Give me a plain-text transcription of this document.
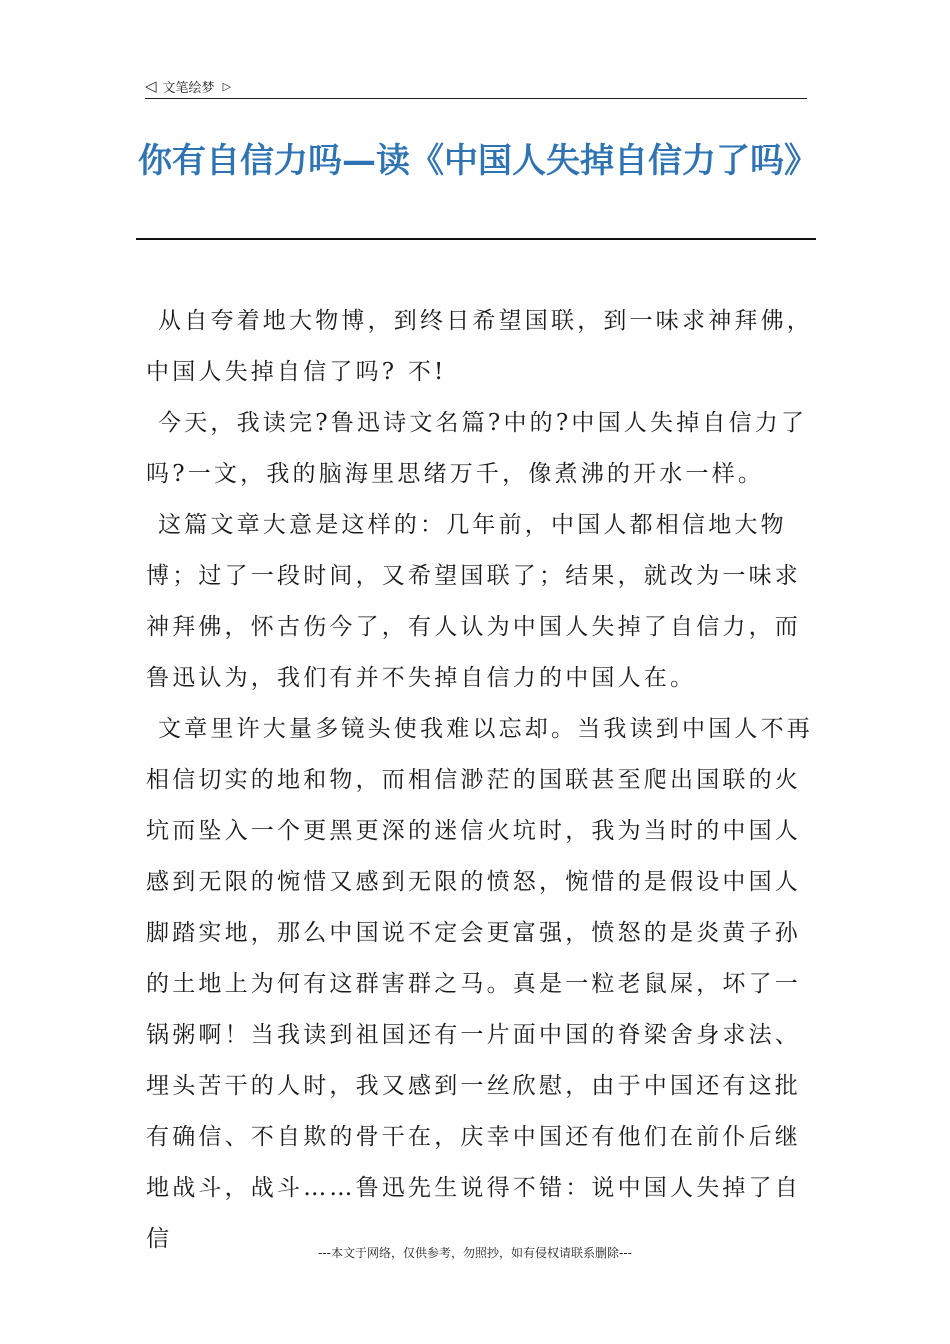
◁ 文笔绘梦 ▷
你有自信力吗—读《中国人失掉自信力了吗》

从自夸着地大物博，到终日希望国联，到一味求神拜佛，中国人失掉自信了吗? 不!

今天，我读完?鲁迅诗文名篇?中的?中国人失掉自信力了吗?一文，我的脑海里思绪万千，像煮沸的开水一样。

这篇文章大意是这样的：几年前，中国人都相信地大物博；过了一段时间，又希望国联了；结果，就改为一味求神拜佛，怀古伤今了，有人认为中国人失掉了自信力，而鲁迅认为，我们有并不失掉自信力的中国人在。

文章里许大量多镜头使我难以忘却。当我读到中国人不再相信切实的地和物，而相信渺茫的国联甚至爬出国联的火坑而坠入一个更黑更深的迷信火坑时，我为当时的中国人感到无限的惋惜又感到无限的愤怒，惋惜的是假设中国人脚踏实地，那么中国说不定会更富强，愤怒的是炎黄子孙的土地上为何有这群害群之马。真是一粒老鼠屎，坏了一锅粥啊！当我读到祖国还有一片面中国的脊梁舍身求法、埋头苦干的人时，我又感到一丝欣慰，由于中国还有这批有确信、不自欺的骨干在，庆幸中国还有他们在前仆后继地战斗，战斗……鲁迅先生说得不错：说中国人失掉了自信

---本文于网络，仅供参考，勿照抄，如有侵权请联系删除---
